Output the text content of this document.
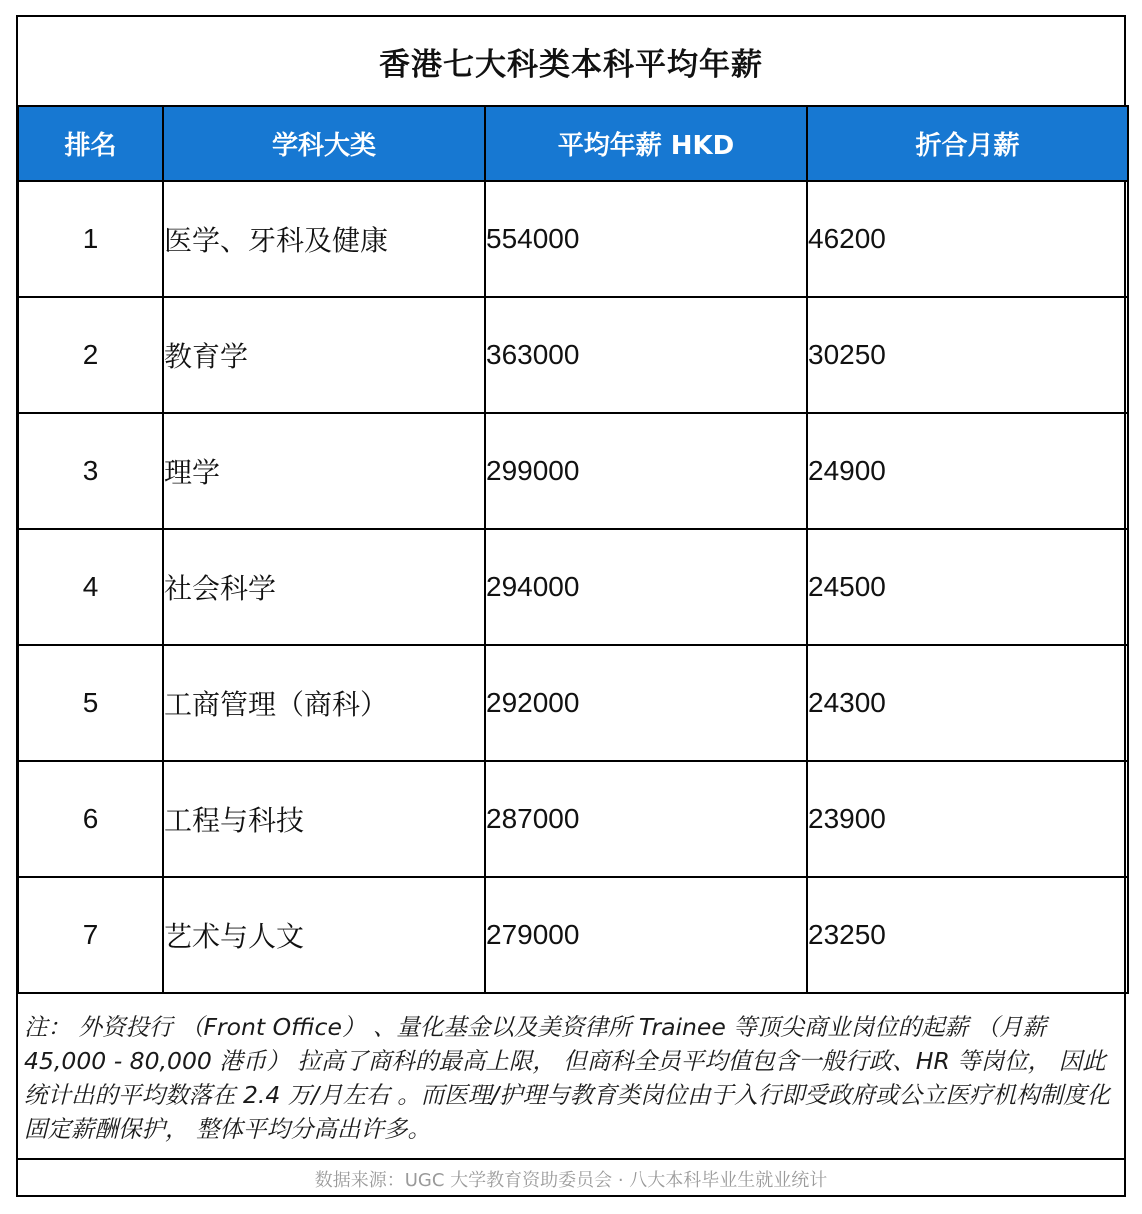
香港七大科类本科平均年薪
排名	学科大类	平均年薪 HKD	折合月薪
1	医学、牙科及健康	554000	46200
2	教育学	363000	30250
3	理学	299000	24900
4	社会科学	294000	24500
5	工商管理（商科）	292000	24300
6	工程与科技	287000	23900
7	艺术与人文	279000	23250
注： 外资投行 （Front Office） 、量化基金以及美资律所 Trainee 等顶尖商业岗位的起薪 （月薪 45,000 - 80,000 港币） 拉高了商科的最高上限， 但商科全员平均值包含一般行政、HR 等岗位， 因此统计出的平均数落在 2.4 万/月左右 。而医理/护理与教育类岗位由于入行即受政府或公立医疗机构制度化固定薪酬保护， 整体平均分高出许多。
数据来源：UGC 大学教育资助委员会 · 八大本科毕业生就业统计
